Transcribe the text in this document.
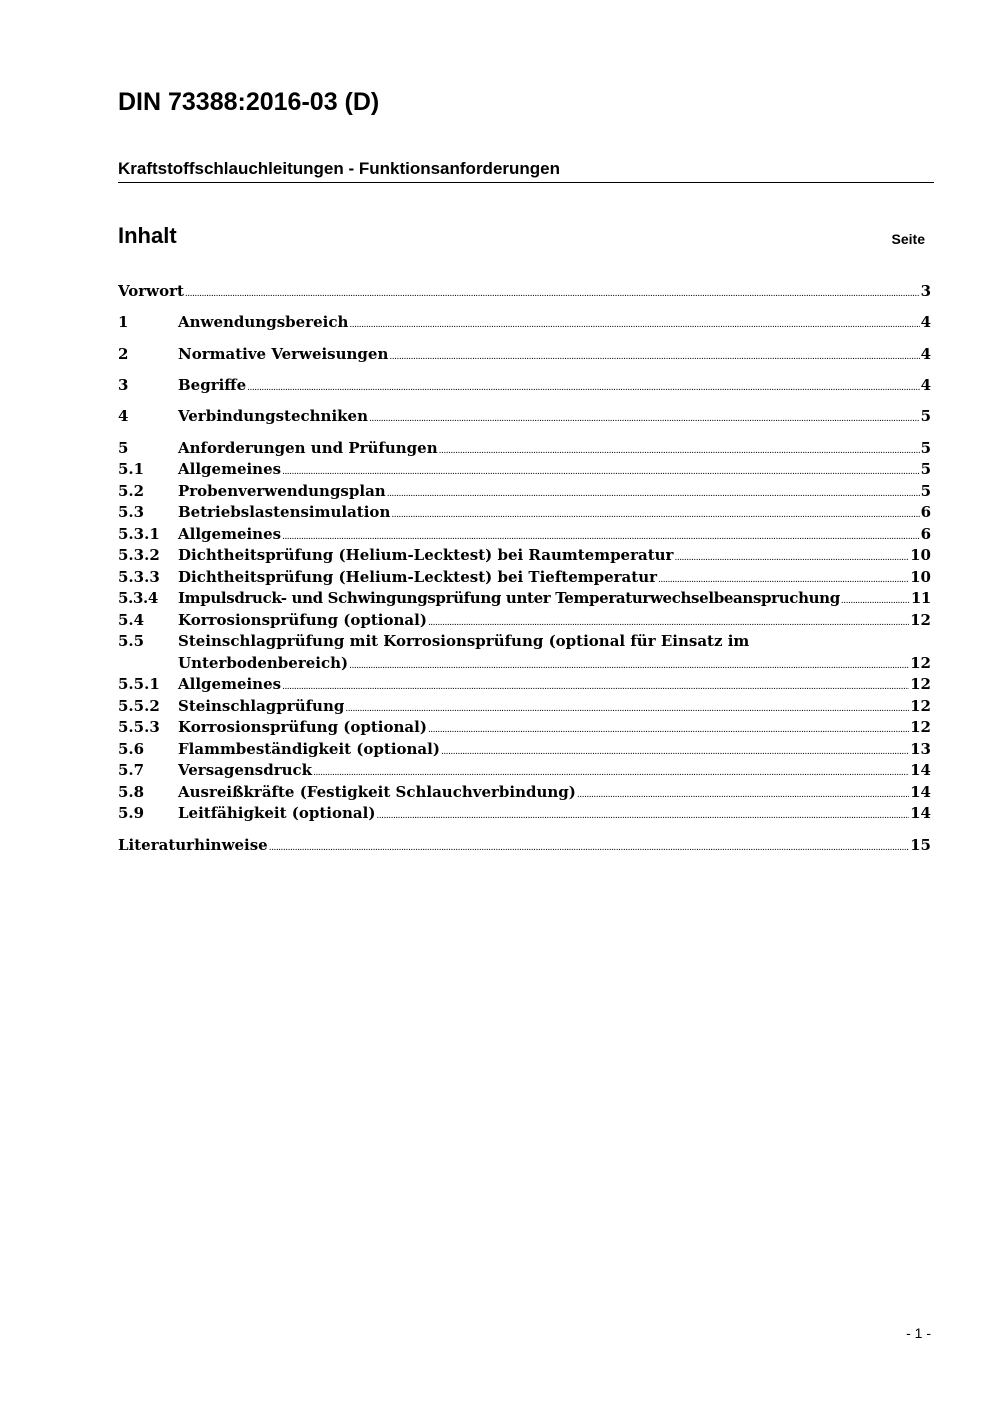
DIN 73388:2016-03 (D)
Kraftstoffschlauchleitungen - Funktionsanforderungen
Inhalt	Seite
Vorwort .....	3
1	Anwendungsbereich .....	4
2	Normative Verweisungen .....	4
3	Begriffe .....	4
4	Verbindungstechniken .....	5
5	Anforderungen und Prüfungen .....	5
5.1	Allgemeines .....	5
5.2	Probenverwendungsplan .....	5
5.3	Betriebslastensimulation .....	6
5.3.1	Allgemeines .....	6
5.3.2	Dichtheitsprüfung (Helium-Lecktest) bei Raumtemperatur .....	10
5.3.3	Dichtheitsprüfung (Helium-Lecktest) bei Tieftemperatur .....	10
5.3.4	Impulsdruck- und Schwingungsprüfung unter Temperaturwechselbeanspruchung .....	11
5.4	Korrosionsprüfung (optional) .....	12
5.5	Steinschlagprüfung mit Korrosionsprüfung (optional für Einsatz im
Unterbodenbereich) .....	12
5.5.1	Allgemeines .....	12
5.5.2	Steinschlagprüfung .....	12
5.5.3	Korrosionsprüfung (optional) .....	12
5.6	Flammbeständigkeit (optional) .....	13
5.7	Versagensdruck .....	14
5.8	Ausreißkräfte (Festigkeit Schlauchverbindung) .....	14
5.9	Leitfähigkeit (optional) .....	14
Literaturhinweise .....	15
- 1 -
